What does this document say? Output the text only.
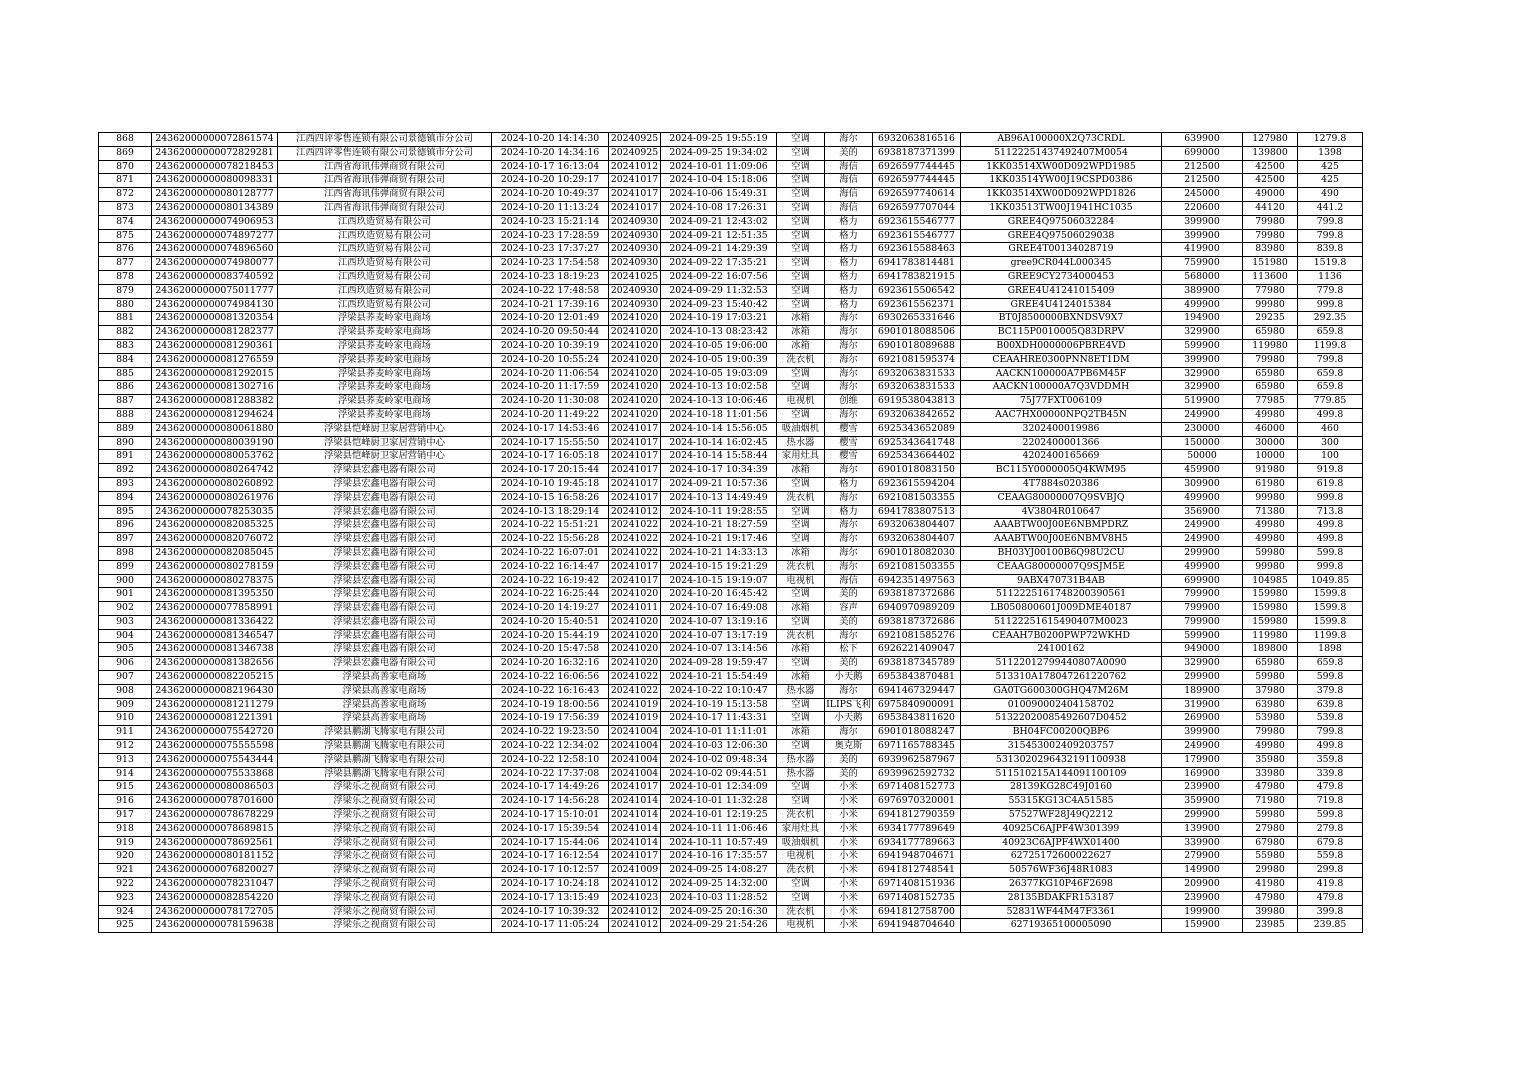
868	24362000000072861574	江西四评零售连锁有限公司景德镇市分公司	2024-10-20 14:14:30	20240925	2024-09-25 19:55:19	空调	海尔	6932063816516	AB96A100000X2Q73CRDL	639900	127980	1279.8
869	24362000000072829281	江西四评零售连锁有限公司景德镇市分公司	2024-10-20 14:34:16	20240925	2024-09-25 19:34:02	空调	美的	6938187371399	511222514374924​07M0054	699000	139800	1398
870	24362000000078218453	江西省海讯伟弹商贸有限公司	2024-10-17 16:13:04	20241012	2024-10-01 11:09:06	空调	海信	6926597744445	1KK03514XW00D092WPD1985	212500	42500	425
871	24362000000080098331	江西省海讯伟弹商贸有限公司	2024-10-20 10:29:17	20241017	2024-10-04 15:18:06	空调	海信	6926597744445	1KK03514YW00J19CSPD0386	212500	42500	425
872	24362000000080128777	江西省海讯伟弹商贸有限公司	2024-10-20 10:49:37	20241017	2024-10-06 15:49:31	空调	海信	6926597740614	1KK03514XW00D092WPD1826	245000	49000	490
873	24362000000080134389	江西省海讯伟弹商贸有限公司	2024-10-20 11:13:24	20241017	2024-10-08 17:26:31	空调	海信	6926597707044	1KK03513TW00J1941HC1035	220600	44120	441.2
874	24362000000074906953	江西玖造贸易有限公司	2024-10-23 15:21:14	20240930	2024-09-21 12:43:02	空调	格力	6923615546777	GREE4Q97506032284	399900	79980	799.8
875	24362000000074897277	江西玖造贸易有限公司	2024-10-23 17:28:59	20240930	2024-09-21 12:51:35	空调	格力	6923615546777	GREE4Q97506029038	399900	79980	799.8
876	24362000000074896560	江西玖造贸易有限公司	2024-10-23 17:37:27	20240930	2024-09-21 14:29:39	空调	格力	6923615588463	GREE4T00134028719	419900	83980	839.8
877	24362000000074980077	江西玖造贸易有限公司	2024-10-23 17:54:58	20240930	2024-09-22 17:35:21	空调	格力	6941783814481	gree9CR044L000345	759900	151980	1519.8
878	24362000000083740592	江西玖造贸易有限公司	2024-10-23 18:19:23	20241025	2024-09-22 16:07:56	空调	格力	6941783821915	GREE9CY2734000453	568000	113600	1136
879	24362000000075011777	江西玖造贸易有限公司	2024-10-22 17:48:58	20240930	2024-09-29 11:32:53	空调	格力	6923615506542	GREE4U41241015409	389900	77980	779.8
880	24362000000074984130	江西玖造贸易有限公司	2024-10-21 17:39:16	20240930	2024-09-23 15:40:42	空调	格力	6923615562371	GREE4U4124015384	499900	99980	999.8
881	24362000000081320354	浮梁县荞麦岭家电商场	2024-10-20 12:01:49	20241020	2024-10-19 17:03:21	冰箱	海尔	6930265331646	BT0J8500000BXNDSV9X7	194900	29235	292.35
882	24362000000081282377	浮梁县荞麦岭家电商场	2024-10-20 09:50:44	20241020	2024-10-13 08:23:42	冰箱	海尔	6901018088506	BC115P0010005Q83DRPV	329900	65980	659.8
883	24362000000081290361	浮梁县荞麦岭家电商场	2024-10-20 10:39:19	20241020	2024-10-05 19:06:00	冰箱	海尔	6901018089688	B00XDH0000006PBRE4VD	599900	119980	1199.8
884	24362000000081276559	浮梁县荞麦岭家电商场	2024-10-20 10:55:24	20241020	2024-10-05 19:00:39	洗衣机	海尔	6921081595374	CEAAHRE0300PNN8ET1DM	399900	79980	799.8
885	24362000000081292015	浮梁县荞麦岭家电商场	2024-10-20 11:06:54	20241020	2024-10-05 19:03:09	空调	海尔	6932063831533	AACKN100000A7PB6M45F	329900	65980	659.8
886	24362000000081302716	浮梁县荞麦岭家电商场	2024-10-20 11:17:59	20241020	2024-10-13 10:02:58	空调	海尔	6932063831533	AACKN100000A7Q3VDDMH	329900	65980	659.8
887	24362000000081288382	浮梁县荞麦岭家电商场	2024-10-20 11:30:08	20241020	2024-10-13 10:06:46	电视机	创维	6919538043813	75J77FXT006109	519900	77985	779.85
888	24362000000081294624	浮梁县荞麦岭家电商场	2024-10-20 11:49:22	20241020	2024-10-18 11:01:56	空调	海尔	6932063842652	AAC7HX00000NPQ2TB45N	249900	49980	499.8
889	24362000000080061880	浮梁县恺峰厨卫家居营销中心	2024-10-17 14:53:46	20241017	2024-10-14 15:56:05	吸油烟机	樱雪	6925343652089	3202400019986	230000	46000	460
890	24362000000080039190	浮梁县恺峰厨卫家居营销中心	2024-10-17 15:55:50	20241017	2024-10-14 16:02:45	热水器	樱雪	6925343641748	2202400001366	150000	30000	300
891	24362000000080053762	浮梁县恺峰厨卫家居营销中心	2024-10-17 16:05:18	20241017	2024-10-14 15:58:44	家用灶具	樱雪	6925343664402	4202400165669	50000	10000	100
892	24362000000080264742	浮梁县宏鑫电器有限公司	2024-10-17 20:15:44	20241017	2024-10-17 10:34:39	冰箱	海尔	6901018083150	BC115Y0000005Q4KWM95	459900	91980	919.8
893	24362000000080260892	浮梁县宏鑫电器有限公司	2024-10-10 19:45:18	20241017	2024-09-21 10:57:36	空调	格力	6923615594204	4T7884s020386	309900	61980	619.8
894	24362000000080261976	浮梁县宏鑫电器有限公司	2024-10-15 16:58:26	20241017	2024-10-13 14:49:49	洗衣机	海尔	6921081503355	CEAAG80000007Q9SVBJQ	499900	99980	999.8
895	24362000000078253035	浮梁县宏鑫电器有限公司	2024-10-13 18:29:14	20241012	2024-10-11 19:28:55	空调	格力	6941783807513	4V3804R010647	356900	71380	713.8
896	24362000000082085325	浮梁县宏鑫电器有限公司	2024-10-22 15:51:21	20241022	2024-10-21 18:27:59	空调	海尔	6932063804407	AAABTW00J00E6NBMPDRZ	249900	49980	499.8
897	24362000000082076072	浮梁县宏鑫电器有限公司	2024-10-22 15:56:28	20241022	2024-10-21 19:17:46	空调	海尔	6932063804407	AAABTW00J00E6NBMV8H5	249900	49980	499.8
898	24362000000082085045	浮梁县宏鑫电器有限公司	2024-10-22 16:07:01	20241022	2024-10-21 14:33:13	冰箱	海尔	6901018082030	BH03YJ00100B6Q98U2CU	299900	59980	599.8
899	24362000000080278159	浮梁县宏鑫电器有限公司	2024-10-22 16:14:47	20241017	2024-10-15 19:21:29	洗衣机	海尔	6921081503355	CEAAG80000007Q9SJM5E	499900	99980	999.8
900	24362000000080278375	浮梁县宏鑫电器有限公司	2024-10-22 16:19:42	20241017	2024-10-15 19:19:07	电视机	海信	6942351497563	9ABX470731B4AB	699900	104985	1049.85
901	24362000000081395350	浮梁县宏鑫电器有限公司	2024-10-22 16:25:44	20241020	2024-10-20 16:45:42	空调	美的	6938187372686	511222516174820039056​1	799900	159980	1599.8
902	24362000000077858991	浮梁县宏鑫电器有限公司	2024-10-20 14:19:27	20241011	2024-10-07 16:49:08	冰箱	容声	6940970989209	LB050800601J009DME40187	799900	159980	1599.8
903	24362000000081336422	浮梁县宏鑫电器有限公司	2024-10-20 15:40:51	20241020	2024-10-07 13:19:16	空调	美的	6938187372686	511222516154904​07M0023	799900	159980	1599.8
904	24362000000081346547	浮梁县宏鑫电器有限公司	2024-10-20 15:44:19	20241020	2024-10-07 13:17:19	洗衣机	海尔	6921081585276	CEAAH7B0200PWP72WKHD	599900	119980	1199.8
905	24362000000081346738	浮梁县宏鑫电器有限公司	2024-10-20 15:47:58	20241020	2024-10-07 13:14:56	冰箱	松下	6926221409047	24100162	949000	189800	1898
906	24362000000081382656	浮梁县宏鑫电器有限公司	2024-10-20 16:32:16	20241020	2024-09-28 19:59:47	空调	美的	6938187345789	511220127994408​07A0090	329900	65980	659.8
907	24362000000082205215	浮梁县高善家电商场	2024-10-22 16:06:56	20241022	2024-10-21 15:54:49	冰箱	小天鹅	6953843870481	513310A178047261220762	299900	59980	599.8
908	24362000000082196430	浮梁县高善家电商场	2024-10-22 16:16:43	20241022	2024-10-22 10:10:47	热水器	海尔	6941467329447	GA0TG600300GHQ47M26M	189900	37980	379.8
909	24362000000081211279	浮梁县高善家电商场	2024-10-19 18:00:56	20241019	2024-10-19 15:13:58	空调	ILIPS飞利	6975840900091	010090002404158702	319900	63980	639.8
910	24362000000081221391	浮梁县高善家电商场	2024-10-19 17:56:39	20241019	2024-10-17 11:43:31	空调	小天鹅	6953843811620	513220200854926​07D0452	269900	53980	539.8
911	24362000000075542720	浮梁县鹏湖飞腾家电有限公司	2024-10-22 19:23:50	20241004	2024-10-01 11:11:01	冰箱	海尔	6901018088247	BH04FC00200QBP6	399900	79980	799.8
912	24362000000075555598	浮梁县鹏湖飞腾家电有限公司	2024-10-22 12:34:02	20241004	2024-10-03 12:06:30	空调	奥克斯	6971165788345	315453002409203757	249900	49980	499.8
913	24362000000075543444	浮梁县鹏湖飞腾家电有限公司	2024-10-22 12:58:10	20241004	2024-10-02 09:48:34	热水器	美的	6939962587967	531302029643219110093​8	179900	35980	359.8
914	24362000000075533868	浮梁县鹏湖飞腾家电有限公司	2024-10-22 17:37:08	20241004	2024-10-02 09:44:51	热水器	美的	6939962592732	511510215A144091100109	169900	33980	339.8
915	24362000000080086503	浮梁乐之视商贸有限公司	2024-10-17 14:49:26	20241017	2024-10-01 12:34:09	空调	小米	6971408152773	28139KG28C49J0160	239900	47980	479.8
916	24362000000078701600	浮梁乐之视商贸有限公司	2024-10-17 14:56:28	20241014	2024-10-01 11:32:28	空调	小米	6976970320001	55315KG13C4A51585	359900	71980	719.8
917	24362000000078678229	浮梁乐之视商贸有限公司	2024-10-17 15:10:01	20241014	2024-10-01 12:19:25	洗衣机	小米	6941812790359	57527WF28J49Q2212	299900	59980	599.8
918	24362000000078689815	浮梁乐之视商贸有限公司	2024-10-17 15:39:54	20241014	2024-10-11 11:06:46	家用灶具	小米	6934177789649	40925C6AJPF4W301399	139900	27980	279.8
919	24362000000078692561	浮梁乐之视商贸有限公司	2024-10-17 15:44:06	20241014	2024-10-11 10:57:49	吸油烟机	小米	6934177789663	40923C6AJPF4WX01400	339900	67980	679.8
920	24362000000080181152	浮梁乐之视商贸有限公司	2024-10-17 16:12:54	20241017	2024-10-16 17:35:57	电视机	小米	6941948704671	62725172600022627	279900	55980	559.8
921	24362000000076820027	浮梁乐之视商贸有限公司	2024-10-17 10:12:57	20241009	2024-09-25 14:08:27	洗衣机	小米	6941812748541	50576WF36J48R1083	149900	29980	299.8
922	24362000000078231047	浮梁乐之视商贸有限公司	2024-10-17 10:24:18	20241012	2024-09-25 14:32:00	空调	小米	6971408151936	26377KG10P46F2698	209900	41980	419.8
923	24362000000082854220	浮梁乐之视商贸有限公司	2024-10-17 13:15:49	20241023	2024-10-03 11:28:52	空调	小米	6971408152735	28135BDAKFR153187	239900	47980	479.8
924	24362000000078172705	浮梁乐之视商贸有限公司	2024-10-17 10:39:32	20241012	2024-09-25 20:16:30	洗衣机	小米	6941812758700	52831WF44M47F3361	199900	39980	399.8
925	24362000000078159638	浮梁乐之视商贸有限公司	2024-10-17 11:05:24	20241012	2024-09-29 21:54:26	电视机	小米	6941948704640	62719365100005090	159900	23985	239.85
